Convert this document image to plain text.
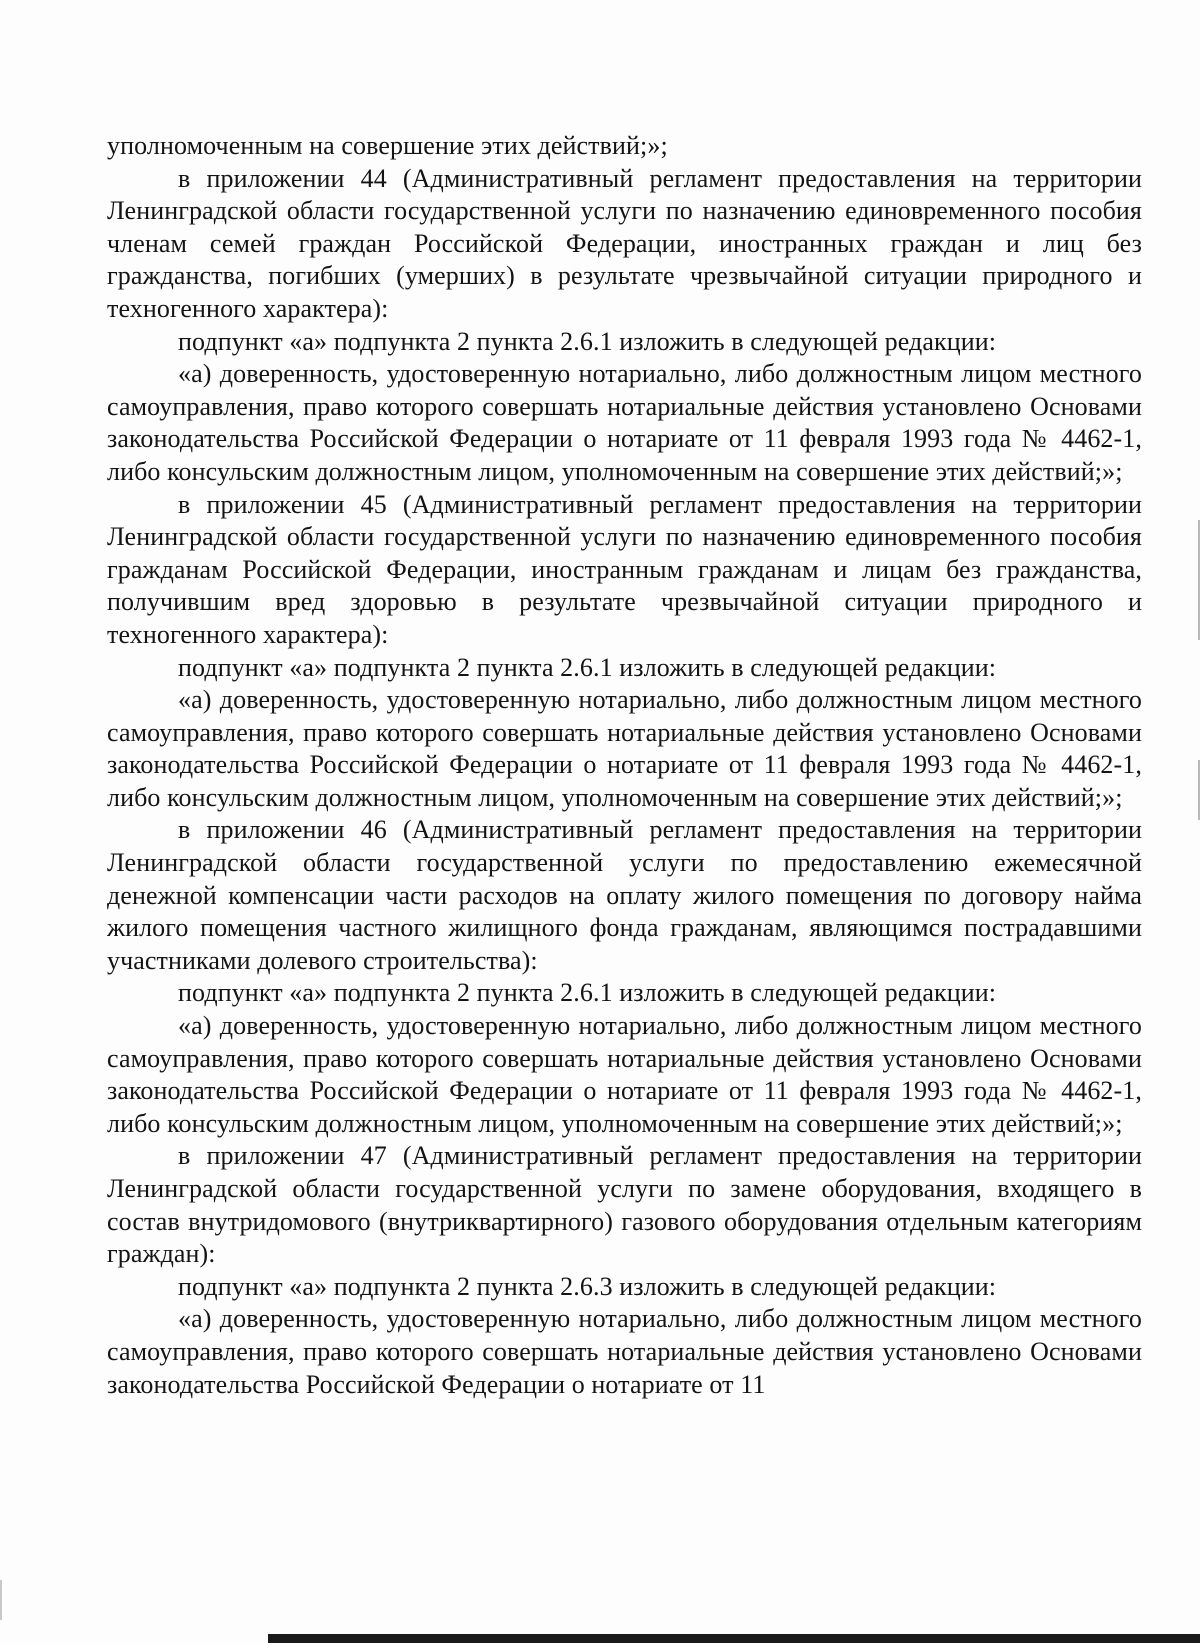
уполномоченным на совершение этих действий;»;

в приложении 44 (Административный регламент предоставления на территории Ленинградской области государственной услуги по назначению единовременного пособия членам семей граждан Российской Федерации, иностранных граждан и лиц без гражданства, погибших (умерших) в результате чрезвычайной ситуации природного и техногенного характера):

подпункт «а» подпункта 2 пункта 2.6.1 изложить в следующей редакции:

«а) доверенность, удостоверенную нотариально, либо должностным лицом местного самоуправления, право которого совершать нотариальные действия установлено Основами законодательства Российской Федерации о нотариате от 11 февраля 1993 года № 4462-1, либо консульским должностным лицом, уполномоченным на совершение этих действий;»;

в приложении 45 (Административный регламент предоставления на территории Ленинградской области государственной услуги по назначению единовременного пособия гражданам Российской Федерации, иностранным гражданам и лицам без гражданства, получившим вред здоровью в результате чрезвычайной ситуации природного и техногенного характера):

подпункт «а» подпункта 2 пункта 2.6.1 изложить в следующей редакции:

«а) доверенность, удостоверенную нотариально, либо должностным лицом местного самоуправления, право которого совершать нотариальные действия установлено Основами законодательства Российской Федерации о нотариате от 11 февраля 1993 года № 4462-1, либо консульским должностным лицом, уполномоченным на совершение этих действий;»;

в приложении 46 (Административный регламент предоставления на территории Ленинградской области государственной услуги по предоставлению ежемесячной денежной компенсации части расходов на оплату жилого помещения по договору найма жилого помещения частного жилищного фонда гражданам, являющимся пострадавшими участниками долевого строительства):

подпункт «а» подпункта 2 пункта 2.6.1 изложить в следующей редакции:

«а) доверенность, удостоверенную нотариально, либо должностным лицом местного самоуправления, право которого совершать нотариальные действия установлено Основами законодательства Российской Федерации о нотариате от 11 февраля 1993 года № 4462-1, либо консульским должностным лицом, уполномоченным на совершение этих действий;»;

в приложении 47 (Административный регламент предоставления на территории Ленинградской области государственной услуги по замене оборудования, входящего в состав внутридомового (внутриквартирного) газового оборудования отдельным категориям граждан):

подпункт «а» подпункта 2 пункта 2.6.3 изложить в следующей редакции:

«а) доверенность, удостоверенную нотариально, либо должностным лицом местного самоуправления, право которого совершать нотариальные действия установлено Основами законодательства Российской Федерации о нотариате от 11
